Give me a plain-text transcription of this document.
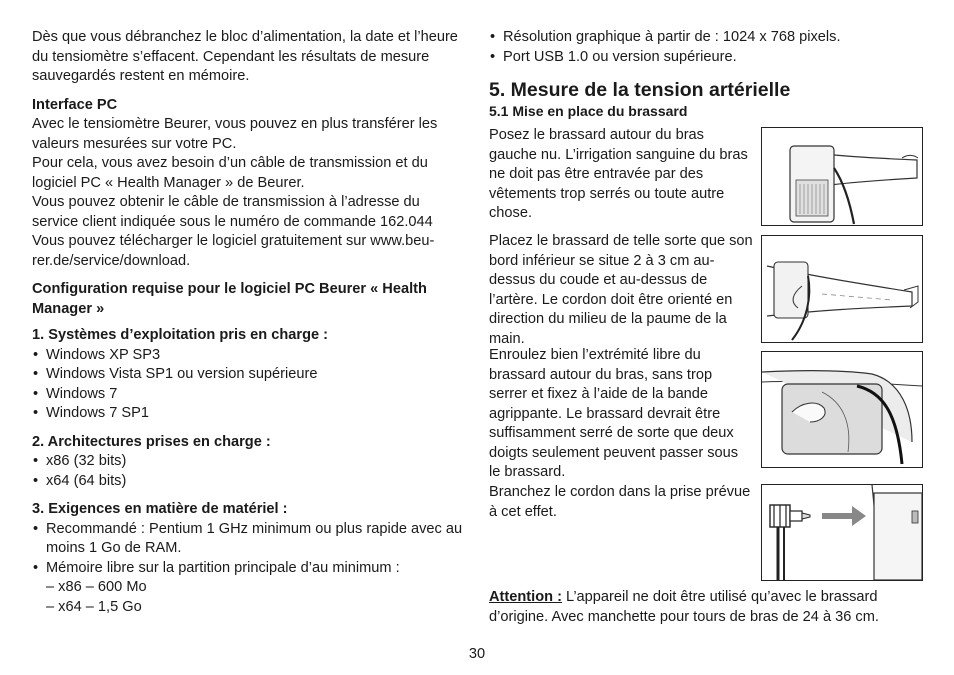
Dès que vous débranchez le bloc d’alimentation, la date et l’heure du tensiomètre s’effacent. Cependant les résultats de mesure sauvegardés restent en mémoire.

Interface PC

Avec le tensiomètre Beurer, vous pouvez en plus transférer les valeurs mesurées sur votre PC.

Pour cela, vous avez besoin d’un câble de transmission et du logiciel PC « Health Manager » de Beurer.

Vous pouvez obtenir le câble de transmission à l’adresse du service client indiquée sous le numéro de commande 162.044

Vous pouvez télécharger le logiciel gratuitement sur www.beu-rer.de/service/download.

Configuration requise pour le logiciel PC Beurer « Health Manager »

1. Systèmes d’exploitation pris en charge :

• Windows XP SP3
• Windows Vista SP1 ou version supérieure
• Windows 7
• Windows 7 SP1

2. Architectures prises en charge :

• x86 (32 bits)
• x64 (64 bits)

3. Exigences en matière de matériel :

• Recommandé : Pentium 1 GHz minimum ou plus rapide avec au moins 1 Go de RAM.
• Mémoire libre sur la partition principale d’au minimum :

– x86 – 600 Mo

– x64 – 1,5 Go

• Résolution graphique à partir de : 1024 x 768 pixels.
• Port USB 1.0 ou version supérieure.
5. Mesure de la tension artérielle
5.1 Mise en place du brassard

Posez le brassard autour du bras gauche nu. L’irrigation sanguine du bras ne doit pas être entravée par des vêtements trop serrés ou toute autre chose.

Placez le brassard de telle sorte que son bord inférieur se situe 2 à 3 cm au-dessus du coude et au-dessus de l’artère. Le cordon doit être orienté en direction du milieu de la paume de la main.

Enroulez bien l’extrémité libre du brassard autour du bras, sans trop serrer et fixez à l’aide de la bande agrippante. Le brassard devrait être suffisamment serré de sorte que deux doigts seulement peuvent passer sous le brassard.

Branchez le cordon dans la prise prévue à cet effet.

Attention : L’appareil ne doit être utilisé qu’avec le brassard d’origine. Avec manchette pour tours de bras de 24 à 36 cm.

30
